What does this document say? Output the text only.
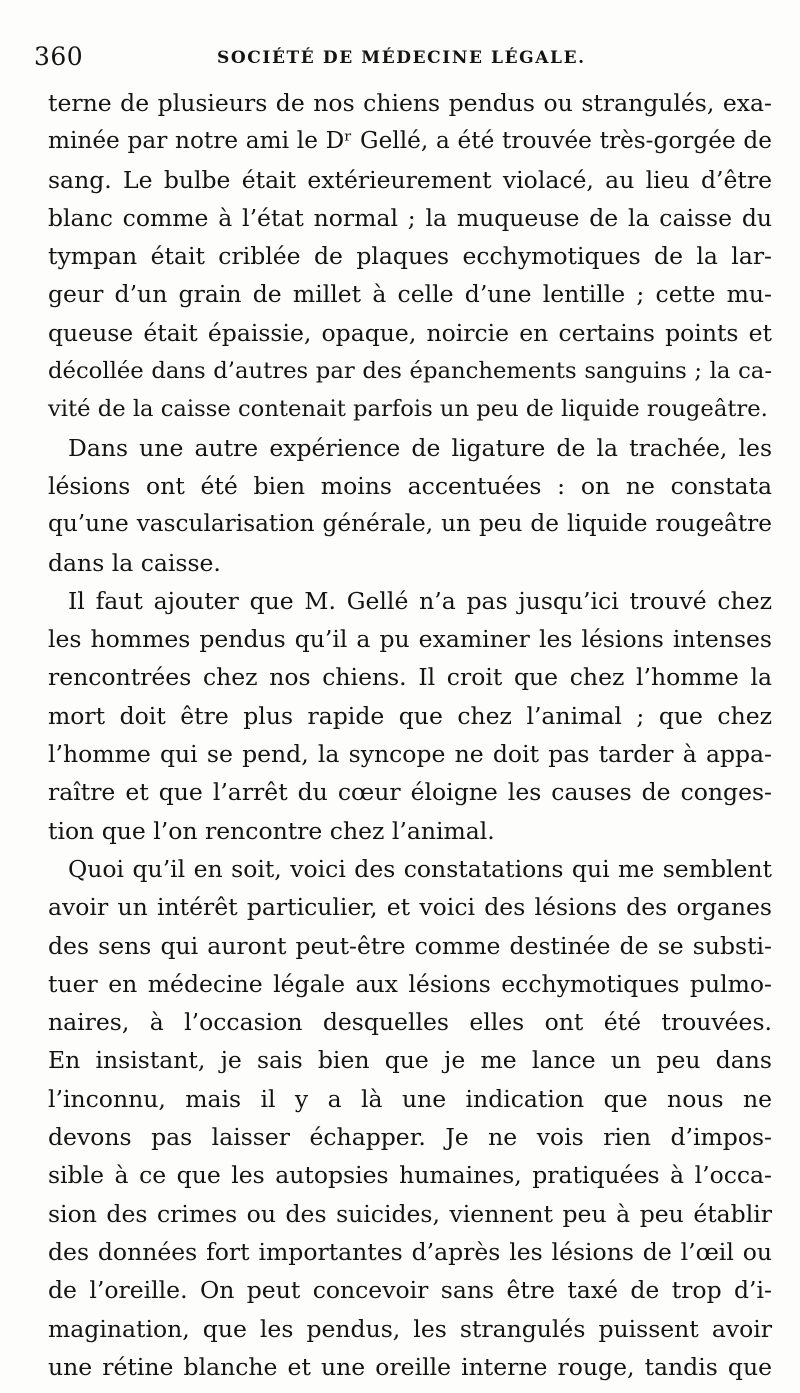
360	SOCIÉTÉ DE MÉDECINE LÉGALE.
terne de plusieurs de nos chiens pendus ou strangulés, exa-
minée par notre ami le Dʳ Gellé, a été trouvée très-gorgée de
sang. Le bulbe était extérieurement violacé, au lieu d’être
blanc comme à l’état normal ; la muqueuse de la caisse du
tympan était criblée de plaques ecchymotiques de la lar-
geur d’un grain de millet à celle d’une lentille ; cette mu-
queuse était épaissie, opaque, noircie en certains points et
décollée dans d’autres par des épanchements sanguins ; la ca-
vité de la caisse contenait parfois un peu de liquide rougeâtre.
Dans une autre expérience de ligature de la trachée, les
lésions ont été bien moins accentuées : on ne constata
qu’une vascularisation générale, un peu de liquide rougeâtre
dans la caisse.
Il faut ajouter que M. Gellé n’a pas jusqu’ici trouvé chez
les hommes pendus qu’il a pu examiner les lésions intenses
rencontrées chez nos chiens. Il croit que chez l’homme la
mort doit être plus rapide que chez l’animal ; que chez
l’homme qui se pend, la syncope ne doit pas tarder à appa-
raître et que l’arrêt du cœur éloigne les causes de conges-
tion que l’on rencontre chez l’animal.
Quoi qu’il en soit, voici des constatations qui me semblent
avoir un intérêt particulier, et voici des lésions des organes
des sens qui auront peut-être comme destinée de se substi-
tuer en médecine légale aux lésions ecchymotiques pulmo-
naires, à l’occasion desquelles elles ont été trouvées.
En insistant, je sais bien que je me lance un peu dans
l’inconnu, mais il y a là une indication que nous ne
devons pas laisser échapper. Je ne vois rien d’impos-
sible à ce que les autopsies humaines, pratiquées à l’occa-
sion des crimes ou des suicides, viennent peu à peu établir
des données fort importantes d’après les lésions de l’œil ou
de l’oreille. On peut concevoir sans être taxé de trop d’i-
magination, que les pendus, les strangulés puissent avoir
une rétine blanche et une oreille interne rouge, tandis que
